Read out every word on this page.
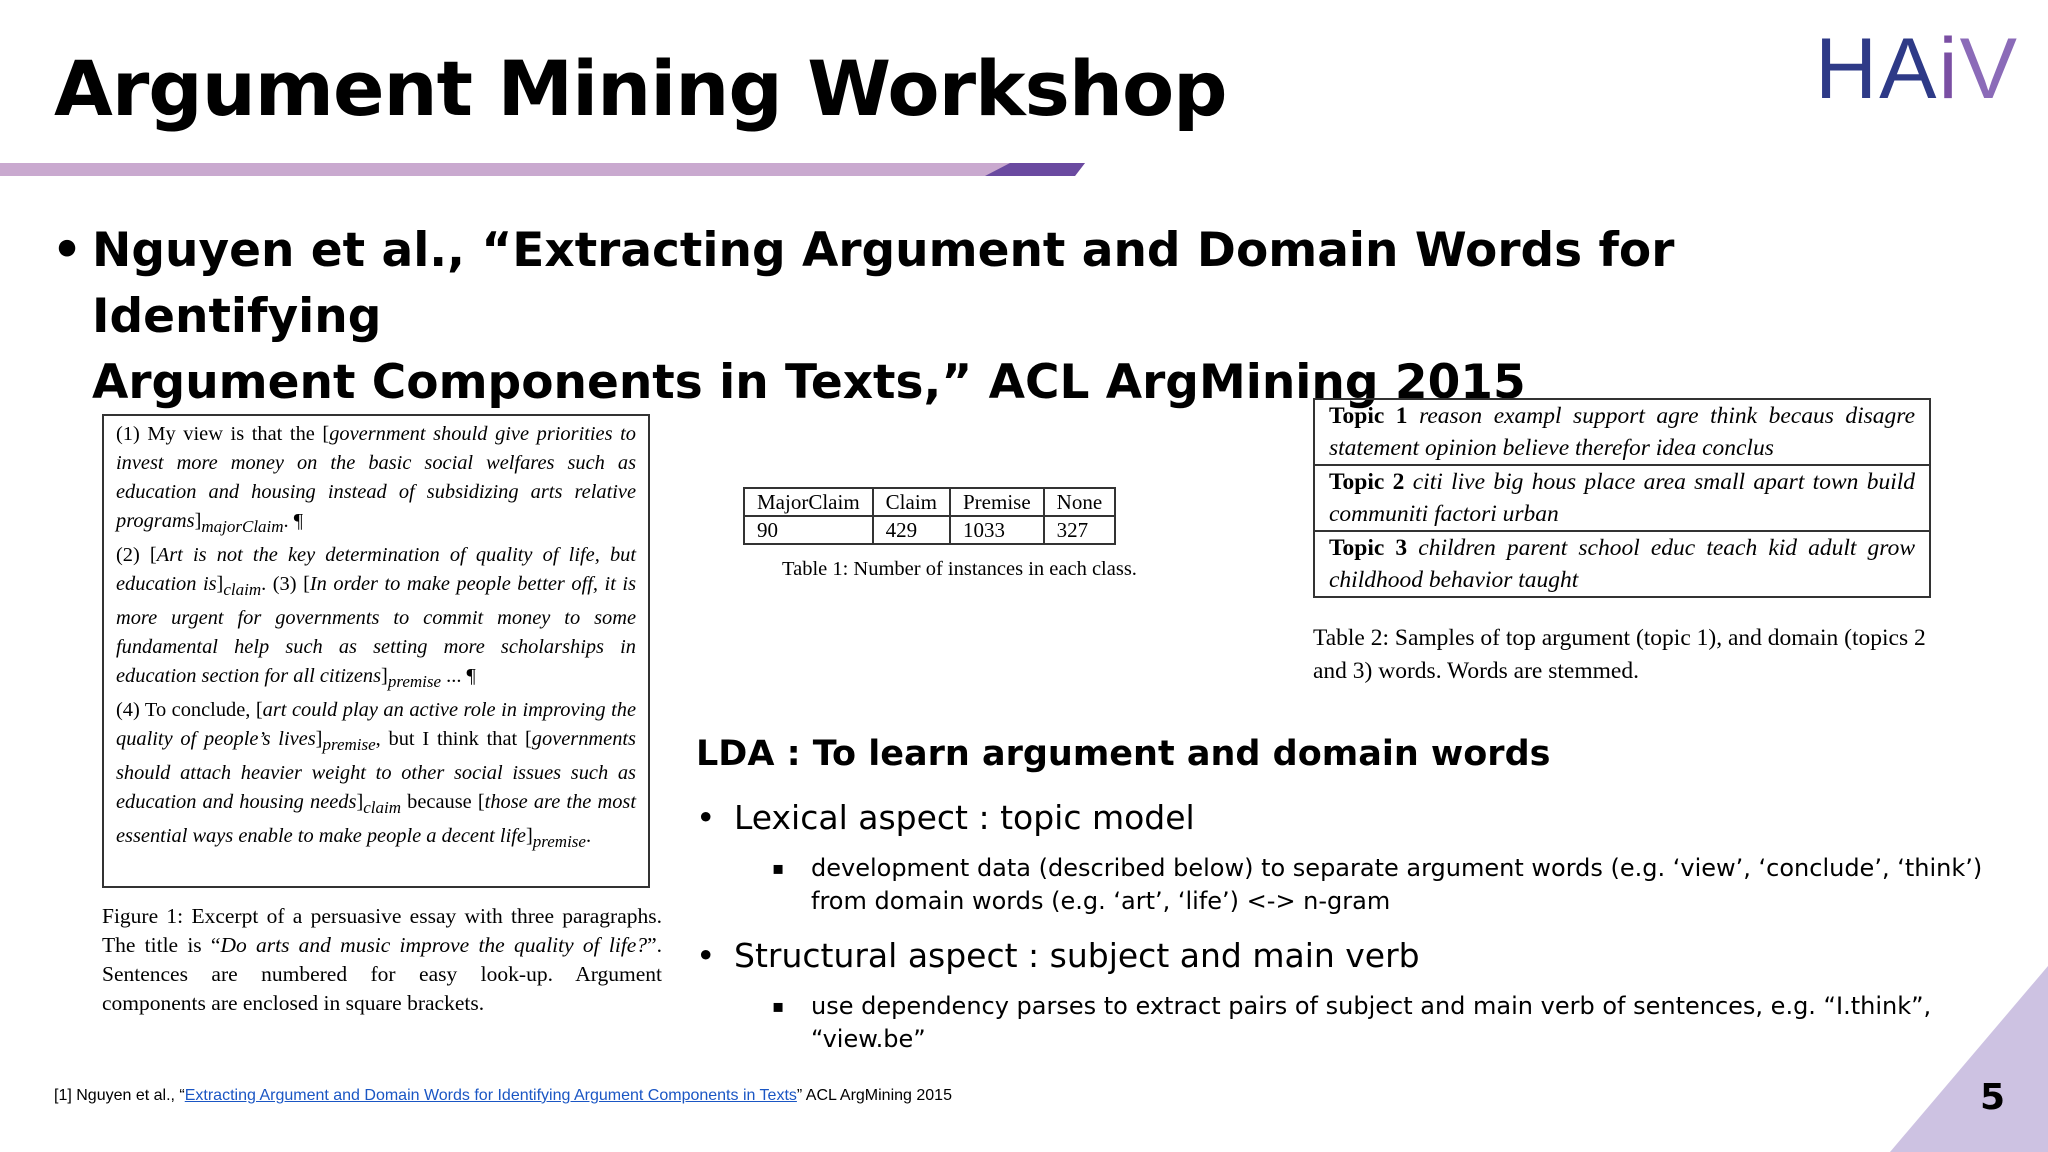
Argument Mining Workshop	HAiV
• Nguyen et al., “Extracting Argument and Domain Words for Identifying
Argument Components in Texts,” ACL ArgMining 2015

(1) My view is that the [government should give priorities to invest more money on the basic social welfares such as education and housing instead of subsidizing arts relative $programs]_{majorClaim}$. ¶

(2) [Art is not the key determination of quality of life, but education $is]_{claim}$. (3) [In order to make people better off, it is more urgent for governments to commit money to some fundamental help such as setting more scholarships in education section for all $citizens]_{premise}$ ... ¶

(4) To conclude, [art could play an active role in improving the quality of people’s $lives]_{premise}$, but I think that [governments should attach heavier weight to other social issues such as education and housing $needs]_{claim}$ because [those are the most essential ways enable to make people a decent $life]_{premise}$.

Figure 1: Excerpt of a persuasive essay with three paragraphs. The title is “Do arts and music improve the quality of life?”. Sentences are numbered for easy look-up. Argument components are enclosed in square brackets.
MajorClaim	Claim	Premise	None
90	429	1033	327
Table 1: Number of instances in each class.
Topic 1 reason exampl support agre think becaus disagre statement opinion believe therefor idea conclus
Topic 2 citi live big hous place area small apart town build communiti factori urban
Topic 3 children parent school educ teach kid adult grow childhood behavior taught
Table 2: Samples of top argument (topic 1), and domain (topics 2 and 3) words. Words are stemmed.
LDA : To learn argument and domain words
• Lexical aspect : topic model
▪ development data (described below) to separate argument words (e.g. ‘view’, ‘conclude’, ‘think’)
from domain words (e.g. ‘art’, ‘life’) <-> n-gram
• Structural aspect : subject and main verb
▪ use dependency parses to extract pairs of subject and main verb of sentences, e.g. “I.think”,
“view.be”
[1] Nguyen et al., “Extracting Argument and Domain Words for Identifying Argument Components in Texts” ACL ArgMining 2015	5
